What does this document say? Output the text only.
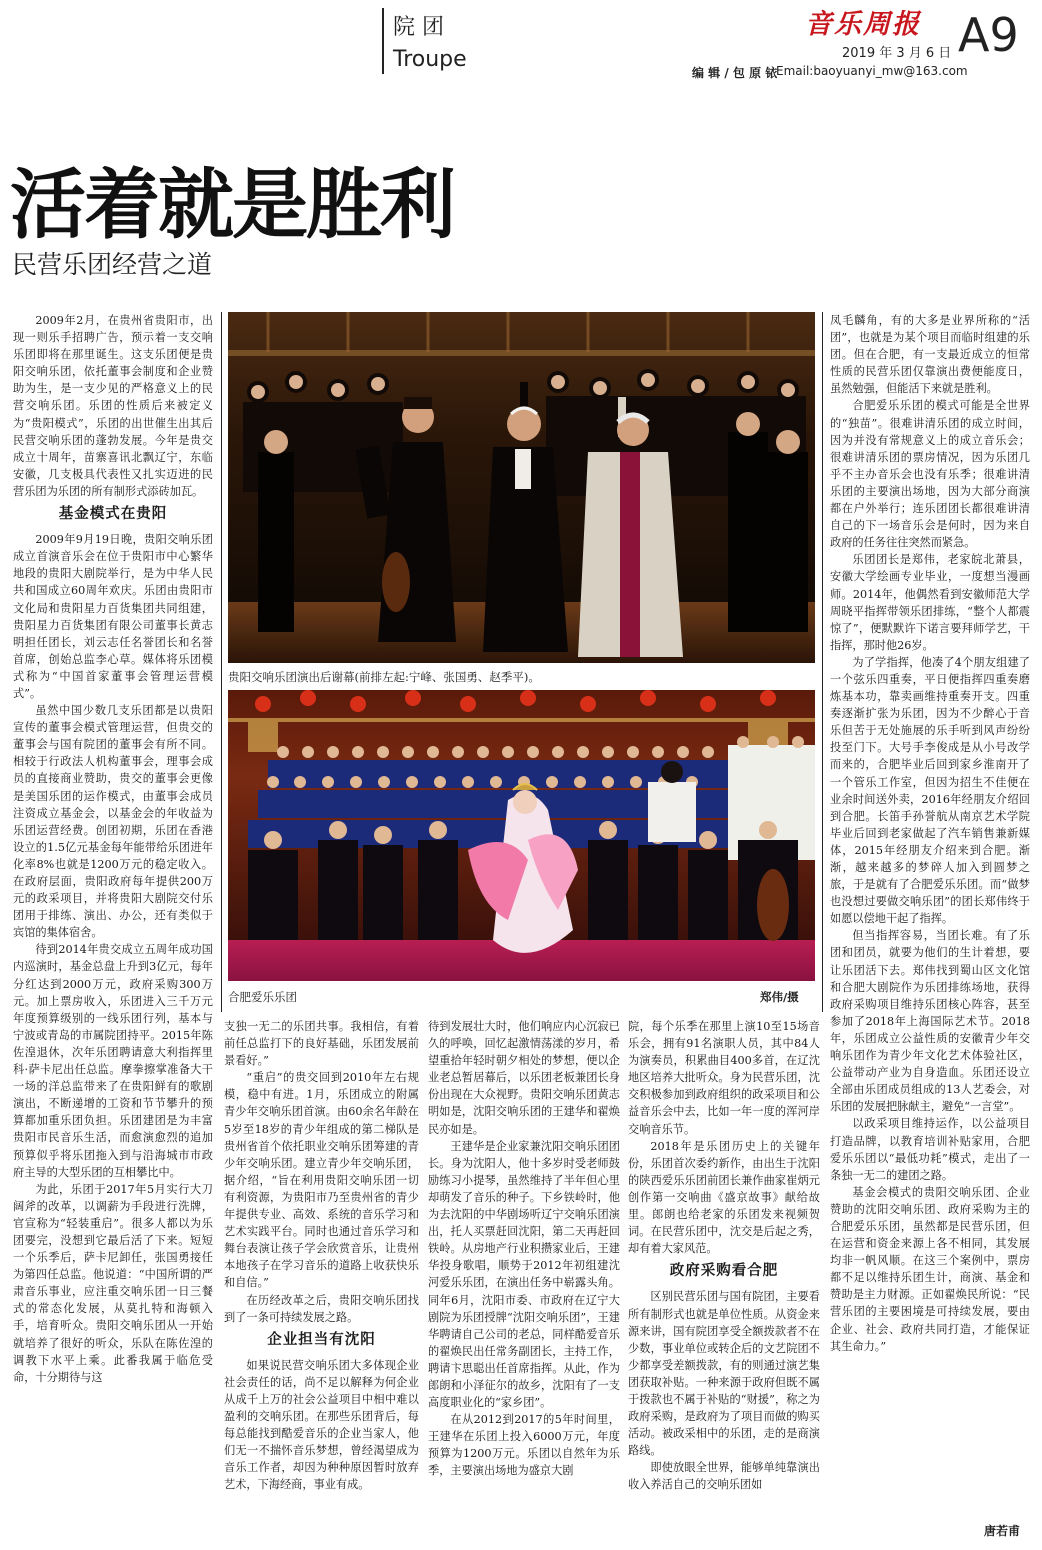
院 团
Troupe
音乐周报
2019 年 3 月 6 日 A9
编 辑 / 包 原 铱
Email:baoyuanyi_mw@163.com
活着就是胜利
民营乐团经营之道
贵阳交响乐团演出后谢幕(前排左起:宁峰、张国勇、赵季平)。
合肥爱乐乐团	郑伟/摄

2009年2月，在贵州省贵阳市，出现一则乐手招聘广告，预示着一支交响乐团即将在那里诞生。这支乐团便是贵阳交响乐团，依托董事会制度和企业赞助为生，是一支少见的严格意义上的民营交响乐团。乐团的性质后来被定义为“贵阳模式”，乐团的出世催生出其后民营交响乐团的蓬勃发展。今年是贵交成立十周年，苗寨喜讯北飘辽宁，东临安徽，几支极具代表性又扎实迈进的民营乐团为乐团的所有制形式添砖加瓦。

基金模式在贵阳

2009年9月19日晚，贵阳交响乐团成立首演音乐会在位于贵阳市中心繁华地段的贵阳大剧院举行，是为中华人民共和国成立60周年欢庆。乐团由贵阳市文化局和贵阳星力百货集团共同组建，贵阳星力百货集团有限公司董事长黄志明担任团长，刘云志任名誉团长和名誉首席，创始总监李心草。媒体将乐团模式称为“中国首家董事会管理运营模式”。

虽然中国少数几支乐团都是以贵阳宣传的董事会模式管理运营，但贵交的董事会与国有院团的董事会有所不同。相较于行政法人机构董事会，理事会成员的直接商业赞助，贵交的董事会更像是美国乐团的运作模式，由董事会成员注资成立基金会，以基金会的年收益为乐团运营经费。创团初期，乐团在香港设立的1.5亿元基金每年能带给乐团进年化率8%也就是1200万元的稳定收入。在政府层面，贵阳政府每年提供200万元的政采项目，并将贵阳大剧院交付乐团用于排练、演出、办公，还有类似于宾馆的集体宿舍。

待到2014年贵交成立五周年成功国内巡演时，基金总盘上升到3亿元，每年分红达到2000万元，政府采购300万元。加上票房收入，乐团进入三千万元年度预算级别的一线乐团行列，基本与宁波或青岛的市属院团持平。2015年陈佐湟退休，次年乐团聘请意大利指挥里科·萨卡尼出任总监。摩拳擦掌准备大干一场的洋总监带来了在贵阳鲜有的歌剧演出，不断递增的工资和节节攀升的预算都加重乐团负担。乐团建团是为丰富贵阳市民音乐生活，而愈演愈烈的追加预算似乎将乐团拖入到与沿海城市市政府主导的大型乐团的互相攀比中。

为此，乐团于2017年5月实行大刀阔斧的改革，以调薪为手段进行洗牌，官宣称为“轻装重启”。很多人都以为乐团要完，没想到它最后活了下来。短短一个乐季后，萨卡尼卸任，张国勇接任为第四任总监。他说道：“中国所谓的严肃音乐事业，应注重交响乐团一日三餐式的常态化发展，从莫扎特和海顿入手，培育听众。贵阳交响乐团从一开始就培养了很好的听众，乐队在陈佐湟的调教下水平上乘。此番我属于临危受命，十分期待与这

支独一无二的乐团共事。我相信，有着前任总监打下的良好基础，乐团发展前景看好。”

“重启”的贵交回到2010年左右规模，稳中有进。1月，乐团成立的附属青少年交响乐团首演。由60余名年龄在5岁至18岁的青少年组成的第二梯队是贵州省首个依托职业交响乐团筹建的青少年交响乐团。建立青少年交响乐团，据介绍，“旨在利用贵阳交响乐团一切有利资源，为贵阳市乃至贵州省的青少年提供专业、高效、系统的音乐学习和艺术实践平台。同时也通过音乐学习和舞台表演让孩子学会欣赏音乐，让贵州本地孩子在学习音乐的道路上收获快乐和自信。”

在历经改革之后，贵阳交响乐团找到了一条可持续发展之路。

企业担当有沈阳

如果说民营交响乐团大多体现企业社会责任的话，尚不足以解释为何企业从成千上万的社会公益项目中相中难以盈利的交响乐团。在那些乐团背后，每每总能找到酷爱音乐的企业当家人，他们无一不揣怀音乐梦想，曾经渴望成为音乐工作者，却因为种种原因暂时放弃艺术，下海经商，事业有成。

待到发展壮大时，他们响应内心沉寂已久的呼唤，回忆起激情荡漾的岁月，希望重拾年轻时朝夕相处的梦想，便以企业老总暂居幕后，以乐团老板兼团长身份出现在大众视野。贵阳交响乐团黄志明如是，沈阳交响乐团的王建华和翟焕民亦如是。

王建华是企业家兼沈阳交响乐团团长。身为沈阳人，他十多岁时受老师鼓励练习小提琴，虽然维持了半年但心里却萌发了音乐的种子。下乡铁岭时，他为去沈阳的中华剧场听辽宁交响乐团演出，托人买票赶回沈阳，第二天再赶回铁岭。从房地产行业积攒家业后，王建华投身歌唱，顺势于2012年初组建沈河爱乐乐团，在演出任务中崭露头角。同年6月，沈阳市委、市政府在辽宁大剧院为乐团授牌“沈阳交响乐团”，王建华聘请自己公司的老总，同样酷爱音乐的翟焕民出任常务副团长，主持工作，聘请卞思聪出任首席指挥。从此，作为郎朗和小泽征尔的故乡，沈阳有了一支高度职业化的“家乡团”。

在从2012到2017的5年时间里，王建华在乐团上投入6000万元，年度预算为1200万元。乐团以自然年为乐季，主要演出场地为盛京大剧

院，每个乐季在那里上演10至15场音乐会，拥有91名演职人员，其中84人为演奏员，积累曲目400多首，在辽沈地区培养大批听众。身为民营乐团，沈交积极参加到政府组织的政采项目和公益音乐会中去，比如一年一度的浑河岸交响音乐节。

2018年是乐团历史上的关键年份，乐团首次委约新作，由出生于沈阳的陕西爱乐乐团前团长兼作曲家崔炳元创作第一交响曲《盛京故事》献给故里。郎朗也给老家的乐团发来视频贺词。在民营乐团中，沈交是后起之秀，却有着大家风范。

政府采购看合肥

区别民营乐团与国有院团，主要看所有制形式也就是单位性质。从资金来源来讲，国有院团享受全额拨款者不在少数，事业单位或转企后的文艺院团不少都享受差额拨款，有的则通过演艺集团获取补贴。一种来源于政府但既不属于拨款也不属于补贴的“财援”，称之为政府采购，是政府为了项目而做的购买活动。被政采相中的乐团，走的是商演路线。

即使放眼全世界，能够单纯靠演出收入养活自己的交响乐团如

凤毛麟角，有的大多是业界所称的“活团”，也就是为某个项目而临时组建的乐团。但在合肥，有一支最近成立的恒常性质的民营乐团仅靠演出费便能度日，虽然勉强，但能活下来就是胜利。

合肥爱乐乐团的模式可能是全世界的“独苗”。很难讲清乐团的成立时间，因为并没有常规意义上的成立音乐会；很难讲清乐团的票房情况，因为乐团几乎不主办音乐会也没有乐季；很难讲清乐团的主要演出场地，因为大部分商演都在户外举行；连乐团团长都很难讲清自己的下一场音乐会是何时，因为来自政府的任务往往突然而紧急。

乐团团长是郑伟，老家皖北萧县，安徽大学绘画专业毕业，一度想当漫画师。2014年，他偶然看到安徽师范大学周晓平指挥带领乐团排练，“整个人都震惊了”，便默默许下诺言要拜师学艺，干指挥，那时他26岁。

为了学指挥，他凑了4个朋友组建了一个弦乐四重奏，平日便指挥四重奏磨炼基本功，靠卖画维持重奏开支。四重奏逐渐扩张为乐团，因为不少醉心于音乐但苦于无处施展的乐手听到风声纷纷投至门下。大号手李俊成是从小号改学而来的，合肥毕业后回到家乡淮南开了一个管乐工作室，但因为招生不佳便在业余时间送外卖，2016年经朋友介绍回到合肥。长笛手孙誉航从南京艺术学院毕业后回到老家做起了汽车销售兼新媒体，2015年经朋友介绍来到合肥。渐渐，越来越多的梦碎人加入到圆梦之旅，于是就有了合肥爱乐乐团。而“做梦也没想过要做交响乐团”的团长郑伟终于如愿以偿地干起了指挥。

但当指挥容易，当团长难。有了乐团和团员，就要为他们的生计着想，要让乐团活下去。郑伟找到蜀山区文化馆和合肥大剧院作为乐团排练场地，获得政府采购项目维持乐团核心阵容，甚至参加了2018年上海国际艺术节。2018年，乐团成立公益性质的安徽青少年交响乐团作为青少年文化艺术体验社区，公益带动产业为自身造血。乐团还设立全部由乐团成员组成的13人艺委会，对乐团的发展把脉献主，避免“一言堂”。

以政采项目维持运作，以公益项目打造品牌，以教育培训补贴家用，合肥爱乐乐团以“最低功耗”模式，走出了一条独一无二的建团之路。

基金会模式的贵阳交响乐团、企业赞助的沈阳交响乐团、政府采购为主的合肥爱乐乐团，虽然都是民营乐团，但在运营和资金来源上各不相同，其发展均非一帆风顺。在这三个案例中，票房都不足以维持乐团生计，商演、基金和赞助是主力财源。正如翟焕民所说：“民营乐团的主要困境是可持续发展，要由企业、社会、政府共同打造，才能保证其生命力。”

唐若甫
